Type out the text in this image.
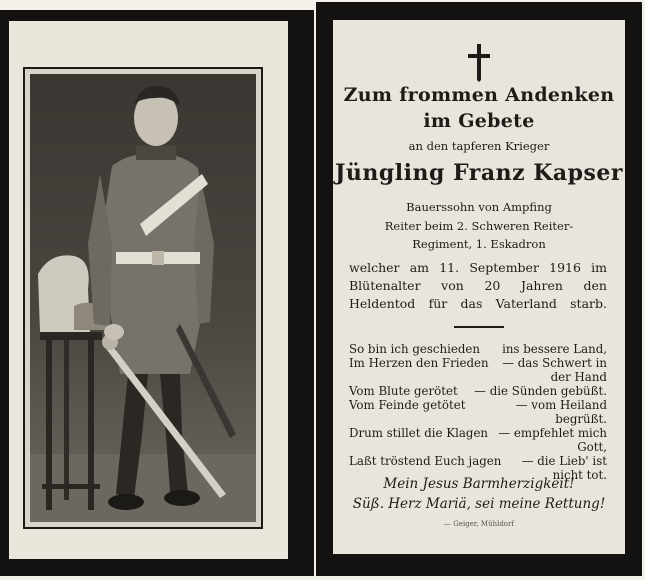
Zum frommen Andenken
im Gebete
an den tapferen Krieger
Jüngling Franz Kapser
Bauerssohn von Ampfing
Reiter beim 2. Schweren Reiter-
Regiment, 1. Eskadron
welcher am 11. September 1916 im
Blütenalter von 20 Jahren den
Heldentod für das Vaterland starb.
So bin ich geschieden ins bessere Land,
Im Herzen den Frieden — das Schwert in
der Hand
Vom Blute gerötet — die Sünden gebüßt.
Vom Feinde getötet	— vom Heiland
begrüßt.
Drum stillet die Klagen — empfehlet mich
Gott,
Laßt tröstend Euch jagen — die Lieb' ist
nicht tot.
Mein Jesus Barmherzigkeit!
Süß. Herz Mariä, sei meine Rettung!
— Geiger, Mühldorf
